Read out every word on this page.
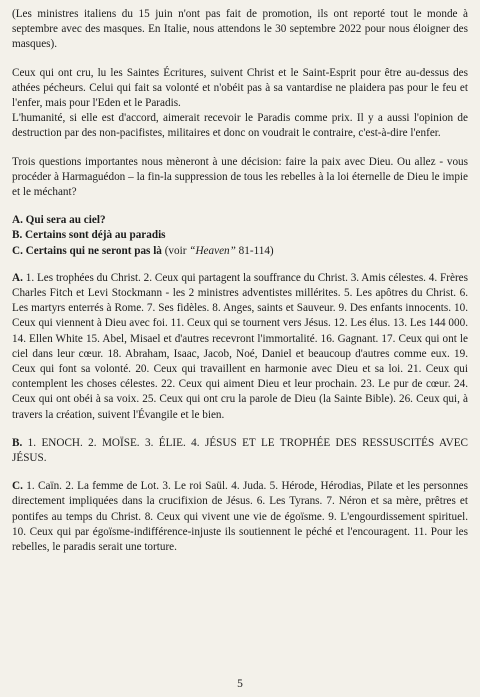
(Les ministres italiens du 15 juin n'ont pas fait de promotion, ils ont reporté tout le monde à septembre avec des masques. En Italie, nous attendons le 30 septembre 2022 pour nous éloigner des masques).

Ceux qui ont cru, lu les Saintes Écritures, suivent Christ et le Saint-Esprit pour être au-dessus des athées pécheurs. Celui qui fait sa volonté et n'obéit pas à sa vantardise ne plaidera pas pour le feu et l'enfer, mais pour l'Eden et le Paradis.

L'humanité, si elle est d'accord, aimerait recevoir le Paradis comme prix. Il y a aussi l'opinion de destruction par des non-pacifistes, militaires et donc on voudrait le contraire, c'est-à-dire l'enfer.

Trois questions importantes nous mèneront à une décision: faire la paix avec Dieu. Ou allez - vous procéder à Harmaguédon – la fin-la suppression de tous les rebelles à la loi éternelle de Dieu le impie et le méchant?

A. Qui sera au ciel?

B. Certains sont déjà au paradis

C. Certains qui ne seront pas là (voir “Heaven” 81-114)

A. 1. Les trophées du Christ. 2. Ceux qui partagent la souffrance du Christ. 3. Amis célestes. 4. Frères Charles Fitch et Levi Stockmann - les 2 ministres adventistes millérites. 5. Les apôtres du Christ. 6. Les martyrs enterrés à Rome. 7. Ses fidèles. 8. Anges, saints et Sauveur. 9. Des enfants innocents. 10. Ceux qui viennent à Dieu avec foi. 11. Ceux qui se tournent vers Jésus. 12. Les élus. 13. Les 144 000. 14. Ellen White 15. Abel, Misael et d'autres recevront l'immortalité. 16. Gagnant. 17. Ceux qui ont le ciel dans leur cœur. 18. Abraham, Isaac, Jacob, Noé, Daniel et beaucoup d'autres comme eux. 19. Ceux qui font sa volonté. 20. Ceux qui travaillent en harmonie avec Dieu et sa loi. 21. Ceux qui contemplent les choses célestes. 22. Ceux qui aiment Dieu et leur prochain. 23. Le pur de cœur. 24. Ceux qui ont obéi à sa voix. 25. Ceux qui ont cru la parole de Dieu (la Sainte Bible). 26. Ceux qui, à travers la création, suivent l'Évangile et le bien.

B. 1. ENOCH. 2. MOÏSE. 3. ÉLIE. 4. JÉSUS ET LE TROPHÉE DES RESSUSCITÉS AVEC JÉSUS.

C. 1. Caïn. 2. La femme de Lot. 3. Le roi Saül. 4. Juda. 5. Hérode, Hérodias, Pilate et les personnes directement impliquées dans la crucifixion de Jésus. 6. Les Tyrans. 7. Néron et sa mère, prêtres et pontifes au temps du Christ. 8. Ceux qui vivent une vie de égoïsme. 9. L'engourdissement spirituel. 10. Ceux qui par égoïsme-indifférence-injuste ils soutiennent le péché et l'encouragent. 11. Pour les rebelles, le paradis serait une torture.

5
